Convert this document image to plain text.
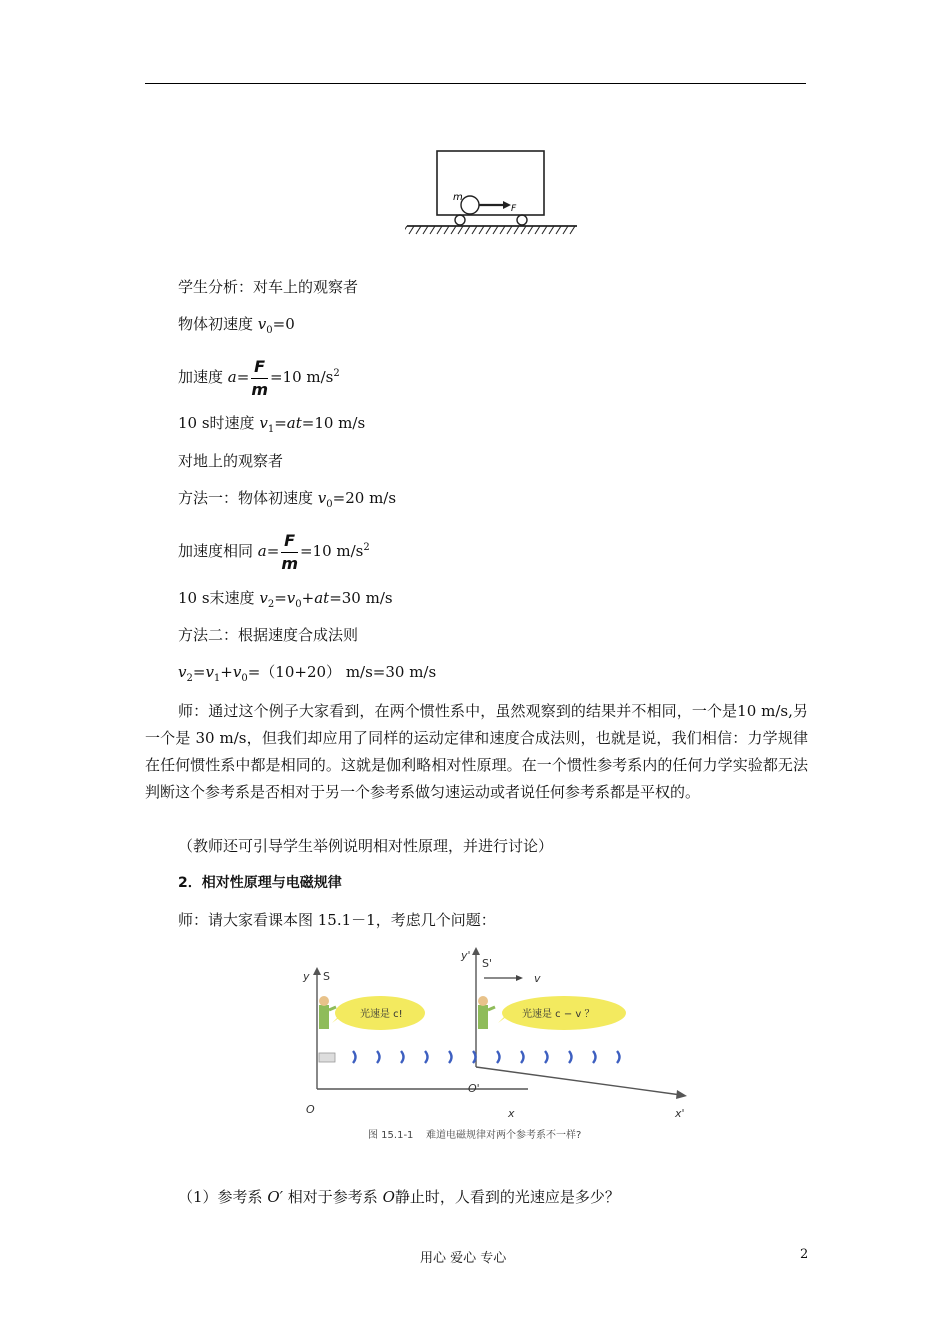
m
F
学生分析：对车上的观察者
物体初速度 $v_0=0$
加速度 $a= \frac{F}{m} =10$ $m/s^2$
10 s时速度 $v_1=at=10$ m/s
对地上的观察者
方法一：物体初速度 $v_0=20$ m/s
加速度相同 $a= \frac{F}{m} =10$ $m/s^2$
10 s末速度 $v_2=v_0+at=30$ m/s
方法二：根据速度合成法则
$v_2=v_1+v_0=(10+20)$ m/s=30 m/s
师：通过这个例子大家看到，在两个惯性系中，虽然观察到的结果并不相同，一个是10 m/s,另一个是 30 m/s，但我们却应用了同样的运动定律和速度合成法则，也就是说，我们相信：力学规律在任何惯性系中都是相同的。这就是伽利略相对性原理。在一个惯性参考系内的任何力学实验都无法判断这个参考系是否相对于另一个参考系做匀速运动或者说任何参考系都是平权的。
（教师还可引导学生举例说明相对性原理，并进行讨论）
2．相对性原理与电磁规律
师：请大家看课本图 15.1－1，考虑几个问题：
y S
O	x
y'
S'
v
O'
x'
光速是 c!	光速是 c − v ？
图 15.1-1 难道电磁规律对两个参考系不一样?
（1）参考系 O′ 相对于参考系 O静止时，人看到的光速应是多少？
用心 爱心 专心	2
